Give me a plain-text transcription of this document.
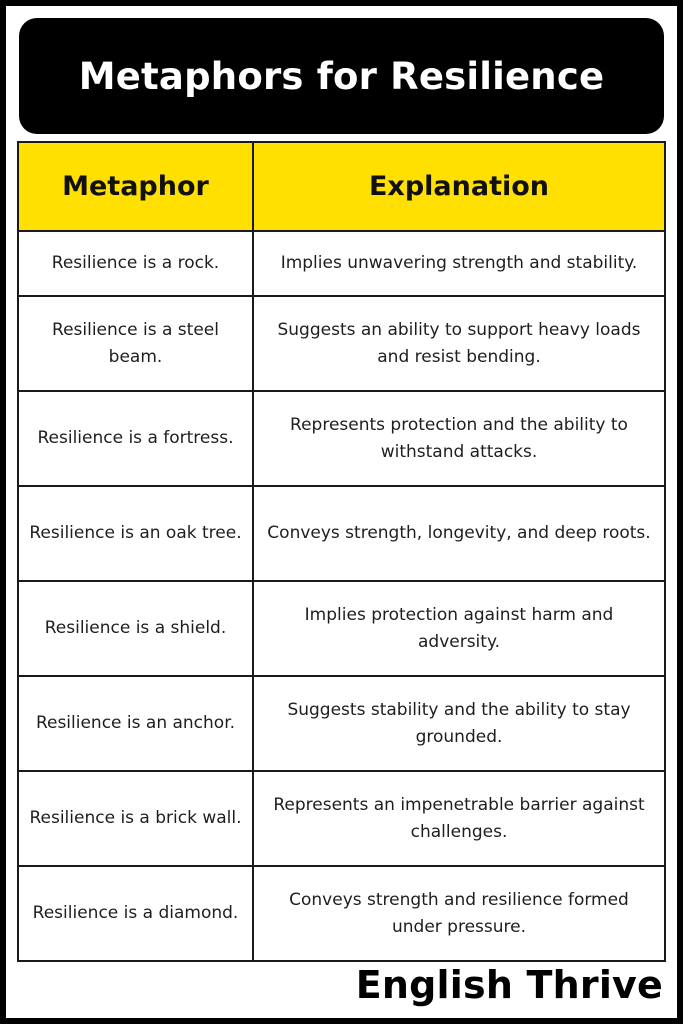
Metaphors for Resilience
Metaphor	Explanation
Resilience is a rock.	Implies unwavering strength and stability.
Resilience is a steel beam.	Suggests an ability to support heavy loads and resist bending.
Resilience is a fortress.	Represents protection and the ability to withstand attacks.
Resilience is an oak tree.	Conveys strength, longevity, and deep roots.
Resilience is a shield.	Implies protection against harm and adversity.
Resilience is an anchor.	Suggests stability and the ability to stay grounded.
Resilience is a brick wall.	Represents an impenetrable barrier against challenges.
Resilience is a diamond.	Conveys strength and resilience formed under pressure.
English Thrive
